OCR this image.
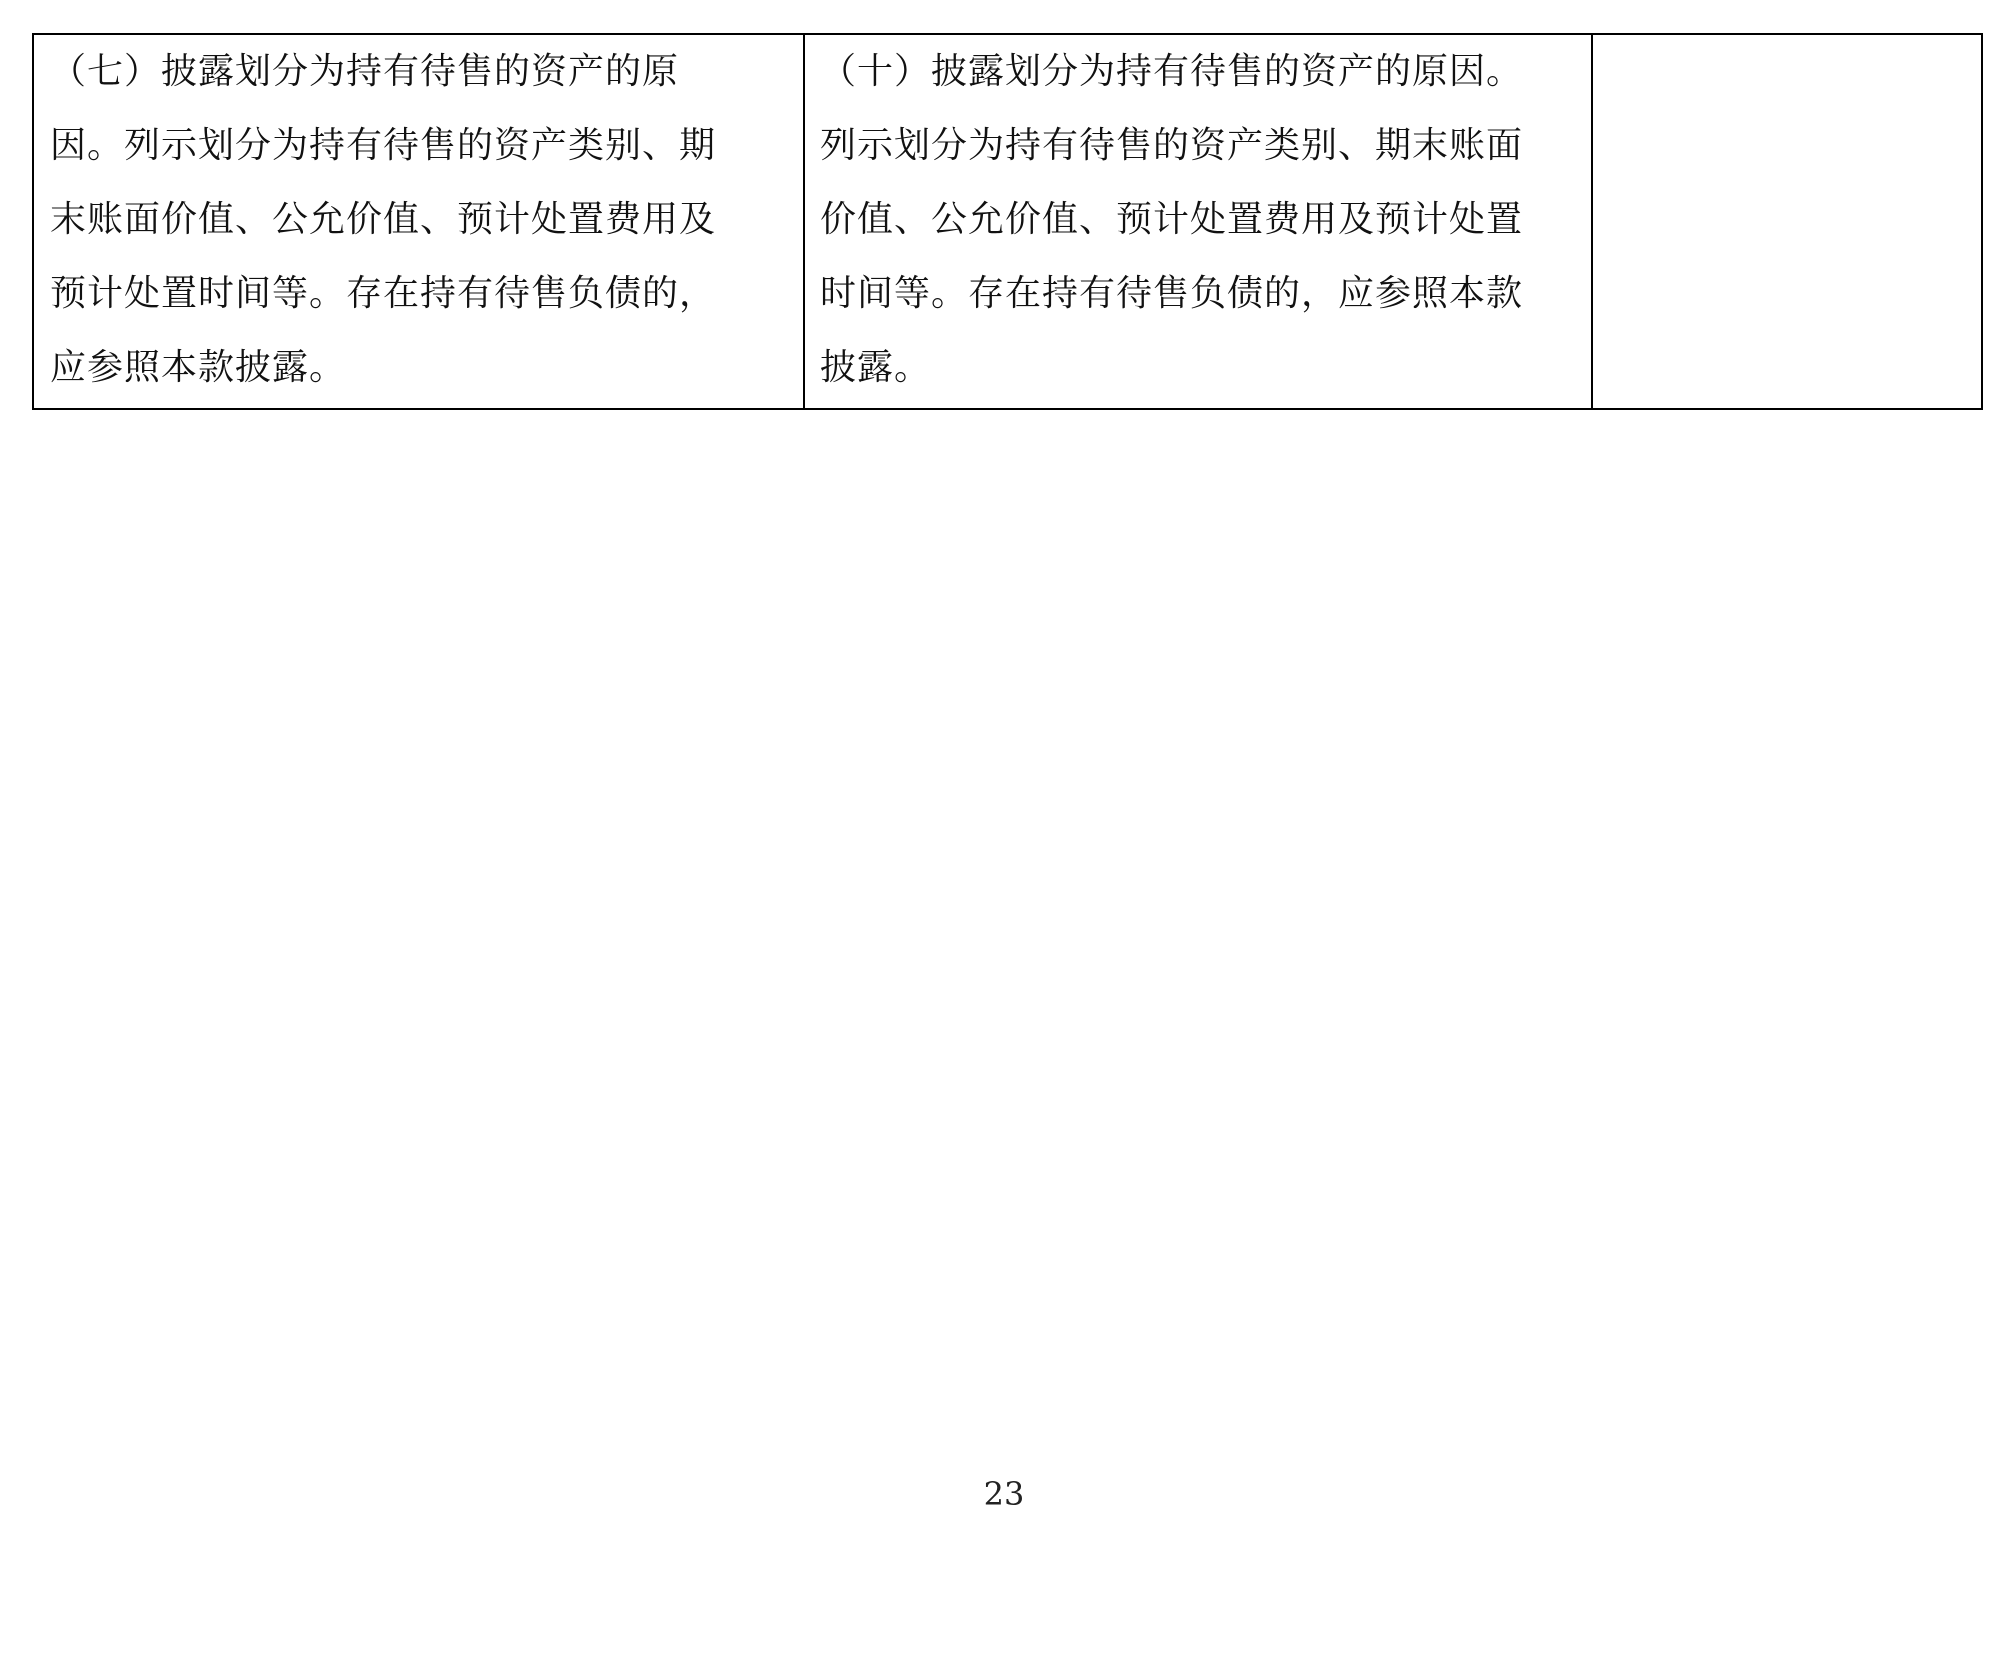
（七）披露划分为持有待售的资产的原
因。列示划分为持有待售的资产类别、期
末账面价值、公允价值、预计处置费用及
预计处置时间等。存在持有待售负债的，
应参照本款披露。

（十）披露划分为持有待售的资产的原因。
列示划分为持有待售的资产类别、期末账面
价值、公允价值、预计处置费用及预计处置
时间等。存在持有待售负债的，应参照本款
披露。

23
